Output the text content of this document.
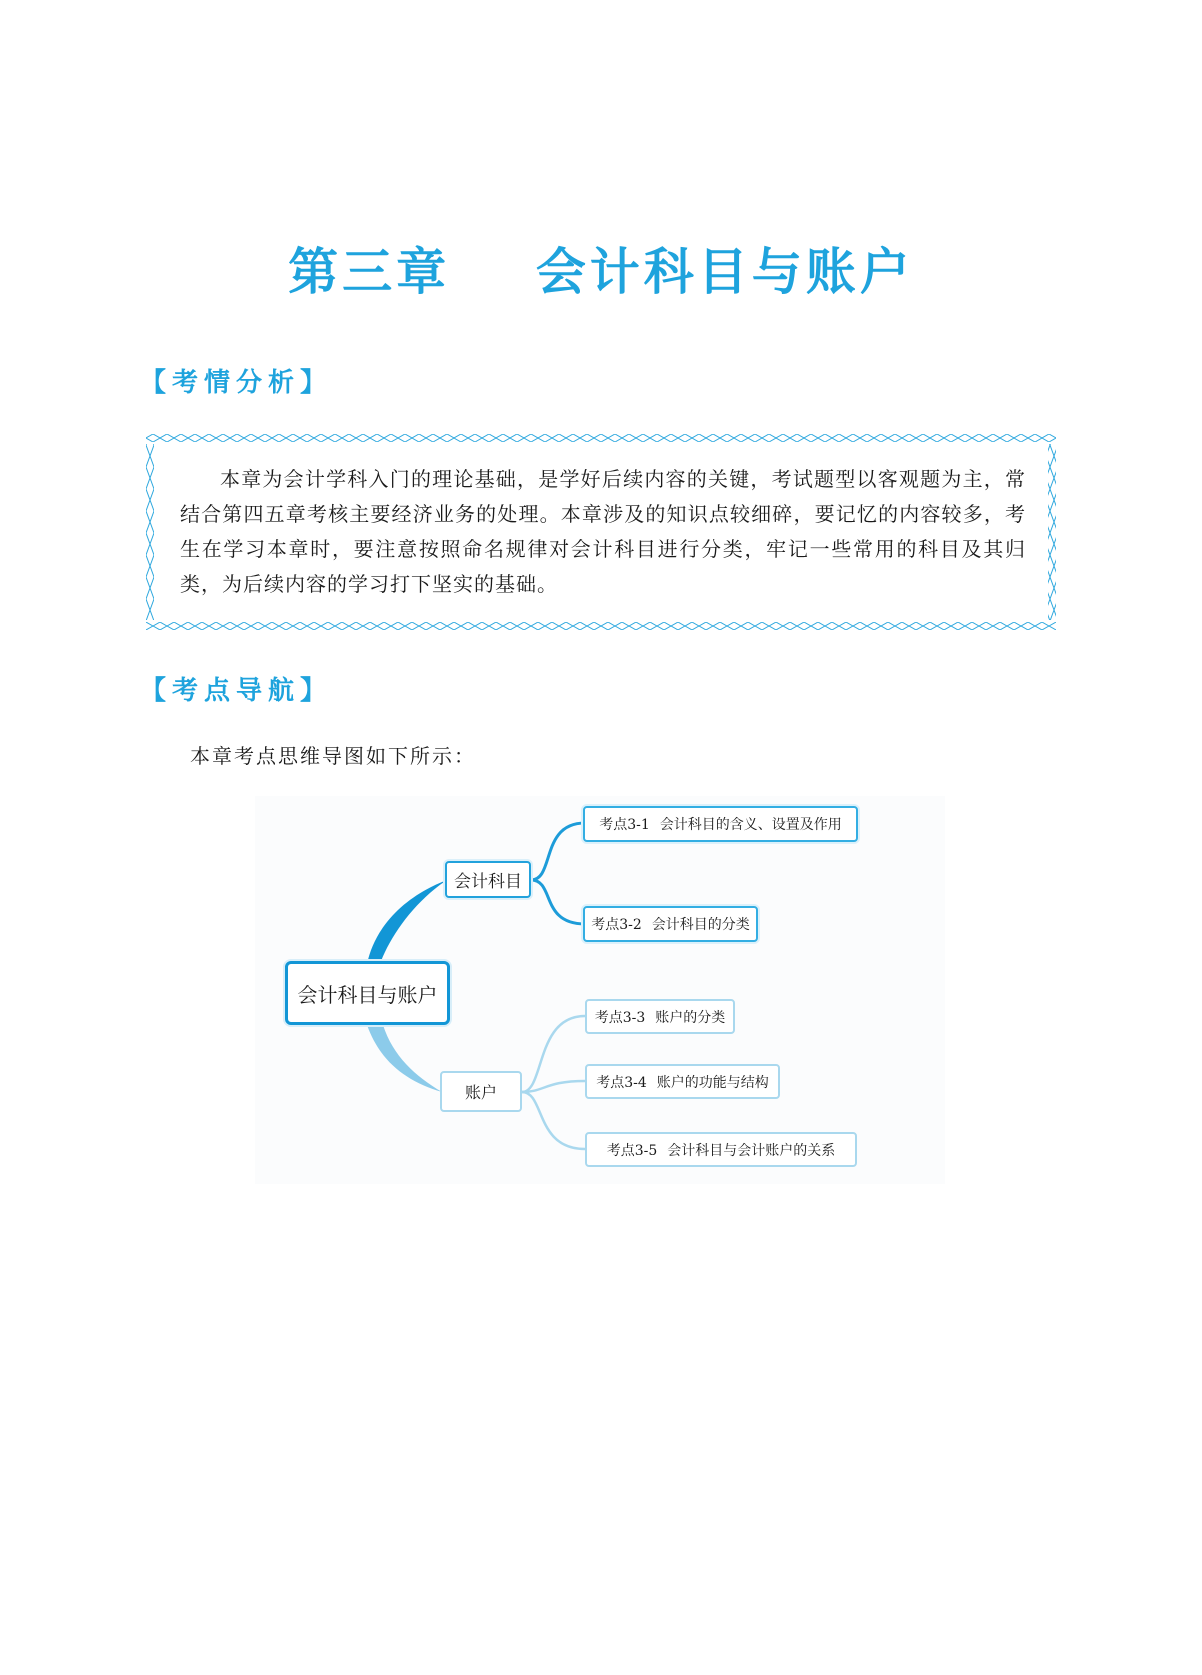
第三章 会计科目与账户
【考情分析】
本章为会计学科入门的理论基础，是学好后续内容的关键，考试题型以客观题为主，常结合第四五章考核主要经济业务的处理。本章涉及的知识点较细碎，要记忆的内容较多，考生在学习本章时，要注意按照命名规律对会计科目进行分类，牢记一些常用的科目及其归类，为后续内容的学习打下坚实的基础。
【考点导航】
本章考点思维导图如下所示：
会计科目与账户
会计科目
账户
考点3-1 会计科目的含义、设置及作用
考点3-2 会计科目的分类
考点3-3 账户的分类
考点3-4 账户的功能与结构
考点3-5 会计科目与会计账户的关系
